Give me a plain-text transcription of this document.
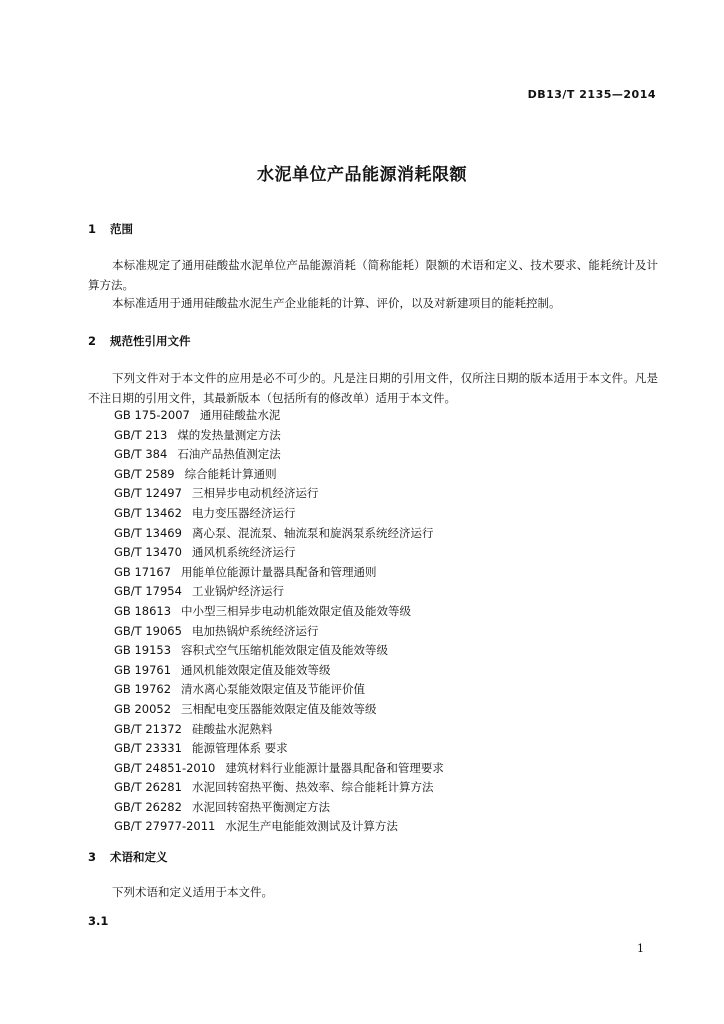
DB13/T 2135—2014
水泥单位产品能源消耗限额
1 范围
本标准规定了通用硅酸盐水泥单位产品能源消耗（简称能耗）限额的术语和定义、技术要求、能耗统计及计算方法。
本标准适用于通用硅酸盐水泥生产企业能耗的计算、评价，以及对新建项目的能耗控制。
2 规范性引用文件
下列文件对于本文件的应用是必不可少的。凡是注日期的引用文件，仅所注日期的版本适用于本文件。凡是不注日期的引用文件，其最新版本（包括所有的修改单）适用于本文件。
GB 175-2007 通用硅酸盐水泥
GB/T 213 煤的发热量测定方法
GB/T 384 石油产品热值测定法
GB/T 2589 综合能耗计算通则
GB/T 12497 三相异步电动机经济运行
GB/T 13462 电力变压器经济运行
GB/T 13469 离心泵、混流泵、轴流泵和旋涡泵系统经济运行
GB/T 13470 通风机系统经济运行
GB 17167 用能单位能源计量器具配备和管理通则
GB/T 17954 工业锅炉经济运行
GB 18613 中小型三相异步电动机能效限定值及能效等级
GB/T 19065 电加热锅炉系统经济运行
GB 19153 容积式空气压缩机能效限定值及能效等级
GB 19761 通风机能效限定值及能效等级
GB 19762 清水离心泵能效限定值及节能评价值
GB 20052 三相配电变压器能效限定值及能效等级
GB/T 21372 硅酸盐水泥熟料
GB/T 23331 能源管理体系 要求
GB/T 24851-2010 建筑材料行业能源计量器具配备和管理要求
GB/T 26281 水泥回转窑热平衡、热效率、综合能耗计算方法
GB/T 26282 水泥回转窑热平衡测定方法
GB/T 27977-2011 水泥生产电能能效测试及计算方法
3 术语和定义
下列术语和定义适用于本文件。
3.1
1
